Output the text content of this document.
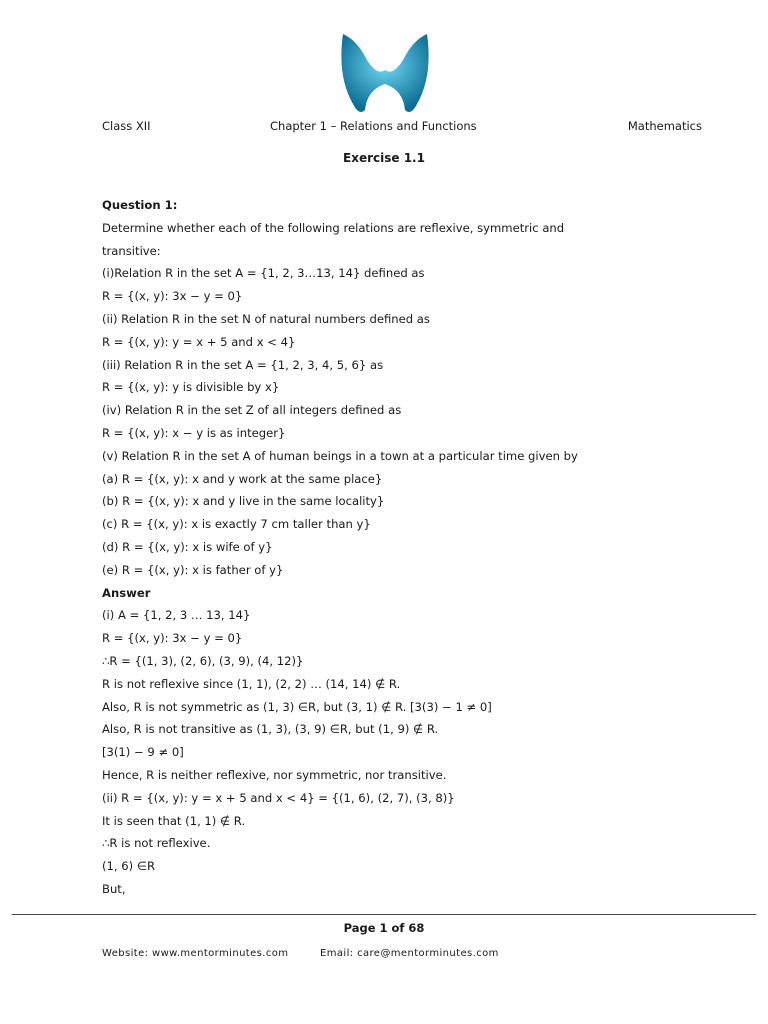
Class XII	Chapter 1 – Relations and Functions	Mathematics
Exercise 1.1
Question 1:
Determine whether each of the following relations are reflexive, symmetric and
transitive:
(i)Relation R in the set A = {1, 2, 3…13, 14} defined as
R = {(x, y): 3x − y = 0}
(ii) Relation R in the set N of natural numbers defined as
R = {(x, y): y = x + 5 and x < 4}
(iii) Relation R in the set A = {1, 2, 3, 4, 5, 6} as
R = {(x, y): y is divisible by x}
(iv) Relation R in the set Z of all integers defined as
R = {(x, y): x − y is as integer}
(v) Relation R in the set A of human beings in a town at a particular time given by
(a) R = {(x, y): x and y work at the same place}
(b) R = {(x, y): x and y live in the same locality}
(c) R = {(x, y): x is exactly 7 cm taller than y}
(d) R = {(x, y): x is wife of y}
(e) R = {(x, y): x is father of y}
Answer
(i) A = {1, 2, 3 … 13, 14}
R = {(x, y): 3x − y = 0}
∴R = {(1, 3), (2, 6), (3, 9), (4, 12)}
R is not reflexive since (1, 1), (2, 2) … (14, 14) ∉ R.
Also, R is not symmetric as (1, 3) ∈R, but (3, 1) ∉ R. [3(3) − 1 ≠ 0]
Also, R is not transitive as (1, 3), (3, 9) ∈R, but (1, 9) ∉ R.
[3(1) − 9 ≠ 0]
Hence, R is neither reflexive, nor symmetric, nor transitive.
(ii) R = {(x, y): y = x + 5 and x < 4} = {(1, 6), (2, 7), (3, 8)}
It is seen that (1, 1) ∉ R.
∴R is not reflexive.
(1, 6) ∈R
But,
Page 1 of 68
Website: www.mentorminutes.com	Email: care@mentorminutes.com
